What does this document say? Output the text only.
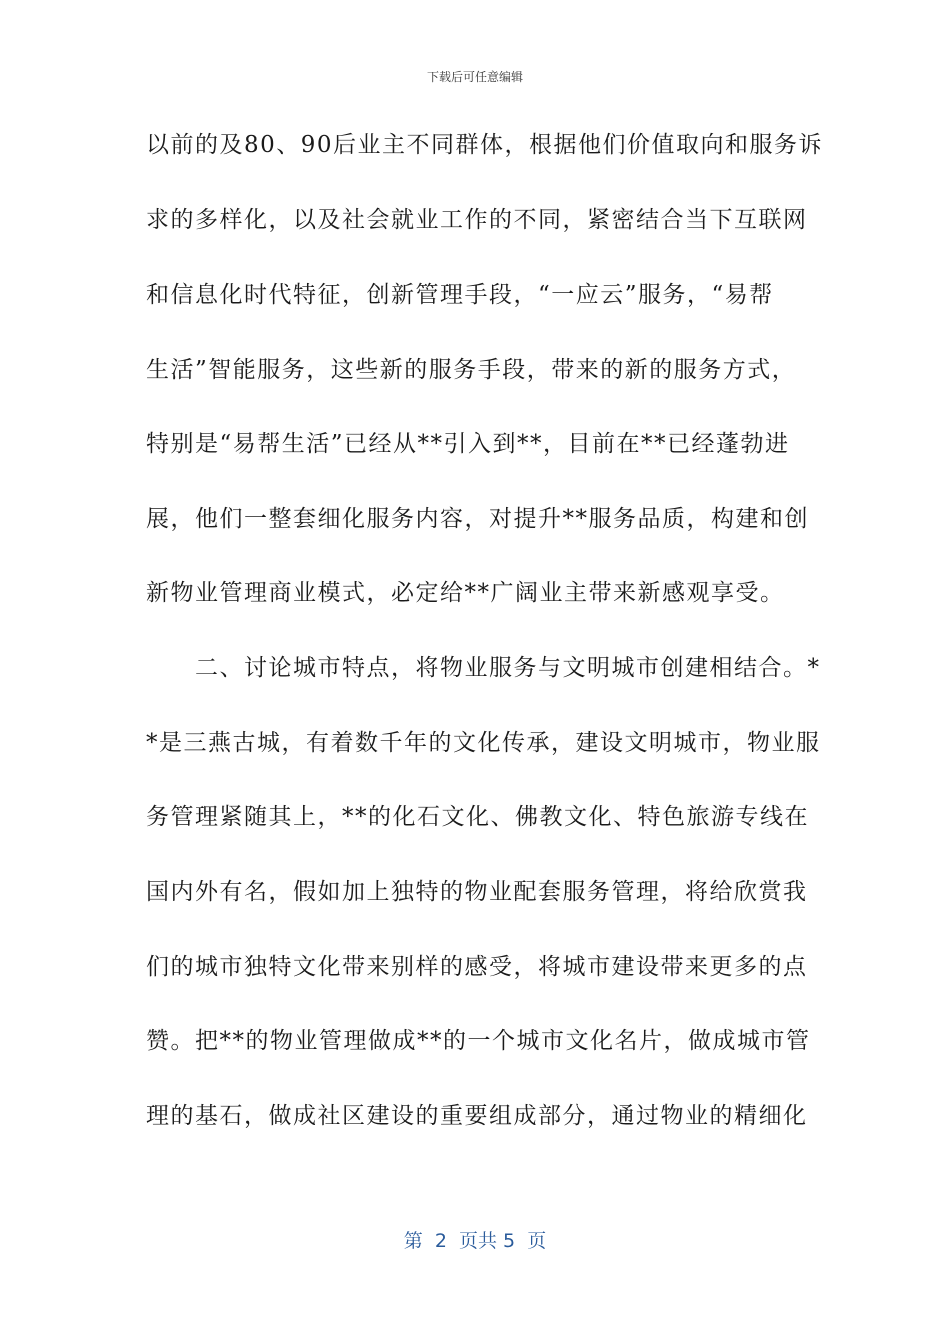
下载后可任意编辑
以前的及80、90后业主不同群体，根据他们价值取向和服务诉
求的多样化，以及社会就业工作的不同，紧密结合当下互联网
和信息化时代特征，创新管理手段，“一应云”服务，“易帮
生活”智能服务，这些新的服务手段，带来的新的服务方式，
特别是“易帮生活”已经从**引入到**，目前在**已经蓬勃进
展，他们一整套细化服务内容，对提升**服务品质，构建和创
新物业管理商业模式，必定给**广阔业主带来新感观享受。
　　二、讨论城市特点，将物业服务与文明城市创建相结合。*
*是三燕古城，有着数千年的文化传承，建设文明城市，物业服
务管理紧随其上，**的化石文化、佛教文化、特色旅游专线在
国内外有名，假如加上独特的物业配套服务管理，将给欣赏我
们的城市独特文化带来别样的感受，将城市建设带来更多的点
赞。把**的物业管理做成**的一个城市文化名片，做成城市管
理的基石，做成社区建设的重要组成部分，通过物业的精细化
第  2  页共 5  页
